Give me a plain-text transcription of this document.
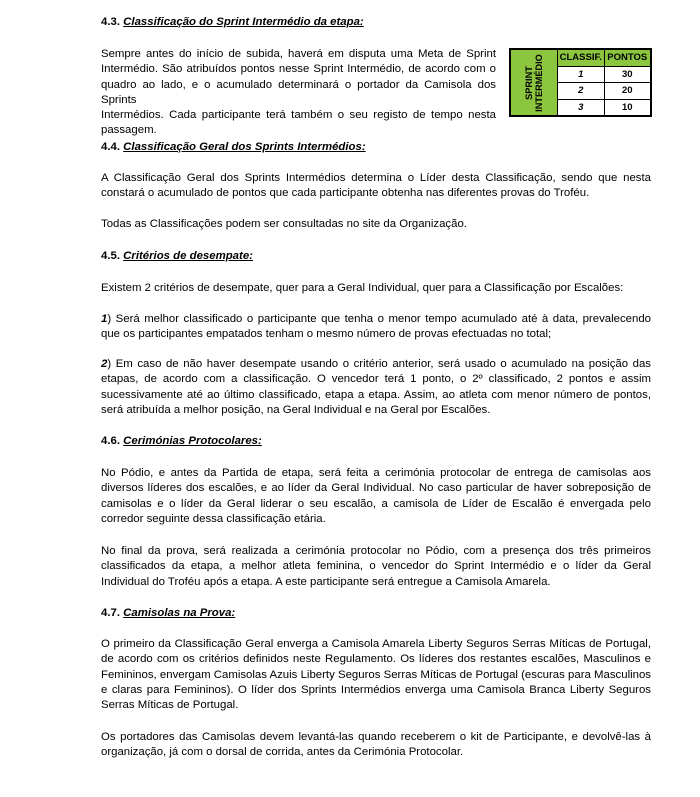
4.3. Classificação do Sprint Intermédio da etapa:
Sempre antes do início de subida, haverá em disputa uma Meta de Sprint
Intermédio. São atribuídos pontos nesse Sprint Intermédio, de acordo com o
quadro ao lado, e o acumulado determinará o portador da Camisola dos Sprints
Intermédios. Cada participante terá também o seu registo de tempo nesta
passagem.
SPRINT INTERMÉDIO CLASSIF. PONTOS
1	30
2	20
3	10
4.4. Classificação Geral dos Sprints Intermédios:
A Classificação Geral dos Sprints Intermédios determina o Líder desta Classificação, sendo que nesta constará o acumulado de pontos que cada participante obtenha nas diferentes provas do Troféu.
Todas as Classificações podem ser consultadas no site da Organização.
4.5. Critérios de desempate:
Existem 2 critérios de desempate, quer para a Geral Individual, quer para a Classificação por Escalões:
1) Será melhor classificado o participante que tenha o menor tempo acumulado até à data, prevalecendo que os participantes empatados tenham o mesmo número de provas efectuadas no total;
2) Em caso de não haver desempate usando o critério anterior, será usado o acumulado na posição das etapas, de acordo com a classificação. O vencedor terá 1 ponto, o 2º classificado, 2 pontos e assim sucessivamente até ao último classificado, etapa a etapa. Assim, ao atleta com menor número de pontos, será atribuída a melhor posição, na Geral Individual e na Geral por Escalões.
4.6. Cerimónias Protocolares:
No Pódio, e antes da Partida de etapa, será feita a cerimónia protocolar de entrega de camisolas aos diversos líderes dos escalões, e ao líder da Geral Individual. No caso particular de haver sobreposição de camisolas e o líder da Geral liderar o seu escalão, a camisola de Líder de Escalão é envergada pelo corredor seguinte dessa classificação etária.
No final da prova, será realizada a cerimónia protocolar no Pódio, com a presença dos três primeiros classificados da etapa, a melhor atleta feminina, o vencedor do Sprint Intermédio e o líder da Geral Individual do Troféu após a etapa. A este participante será entregue a Camisola Amarela.
4.7. Camisolas na Prova:
O primeiro da Classificação Geral enverga a Camisola Amarela Liberty Seguros Serras Míticas de Portugal, de acordo com os critérios definidos neste Regulamento. Os líderes dos restantes escalões, Masculinos e Femininos, envergam Camisolas Azuis Liberty Seguros Serras Míticas de Portugal (escuras para Masculinos e claras para Femininos). O líder dos Sprints Intermédios enverga uma Camisola Branca Liberty Seguros Serras Míticas de Portugal.
Os portadores das Camisolas devem levantá-las quando receberem o kit de Participante, e devolvê-las à organização, já com o dorsal de corrida, antes da Cerimónia Protocolar.
